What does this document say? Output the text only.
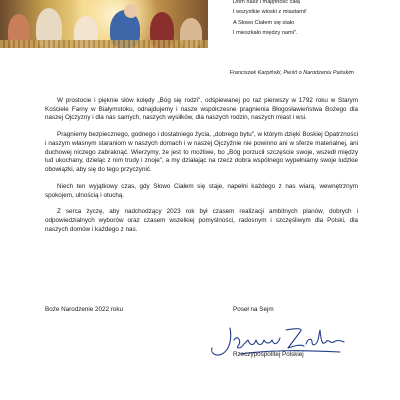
Dom nasz i majętność całą
I wszystkie wioski z miastami!
A Słowo Ciałem się stało
I mieszkało między nami".
Franciszek Karpiński, Pieśń o Narodzeniu Pańskim

W prostocie i pięknie słów kolędy „Bóg się rodzi", odśpiewanej po raz pierwszy w 1792 roku w Starym Kościele Farny w Białymstoku, odnajdujemy i nasze współczesne pragnienia Błogosławieństwa Bożego dla naszej Ojczyzny i dla nas samych, naszych wysiłków, dla naszych rodzin, naszych miast i wsi.

Pragniemy bezpiecznego, godnego i dostatniego życia, „dobrego bytu", w którym dzięki Boskiej Opatrzności i naszym własnym staraniom w naszych domach i w naszej Ojczyźnie nie powinno ani w sferze materialnej, ani duchowej niczego zabraknąć. Wierzymy, że jest to możliwe, bo „Bóg porzucił szczęście swoje, wszedł między lud ukochany, dzieląc z nim trudy i znoje", a my działając na rzecz dobra wspólnego wypełniamy swoje ludzkie obowiązki, aby się do tego przyczynić.

Niech ten wyjątkowy czas, gdy Słowo Ciałem się staje, napełni każdego z nas wiarą, wewnętrznym spokojem, ulnością i otuchą.

Z serca życzę, aby nadchodzący 2023 rok był czasem realizacji ambitnych planów, dobrych i odpowiedzialnych wyborów oraz czasem wszelkiej pomyślności, radosnym i szczęśliwym dla Polski, dla naszych domów i każdego z nas.

Boże Narodzenie 2022 roku	Poseł na Sejm
Rzeczypospolitej Polskiej
